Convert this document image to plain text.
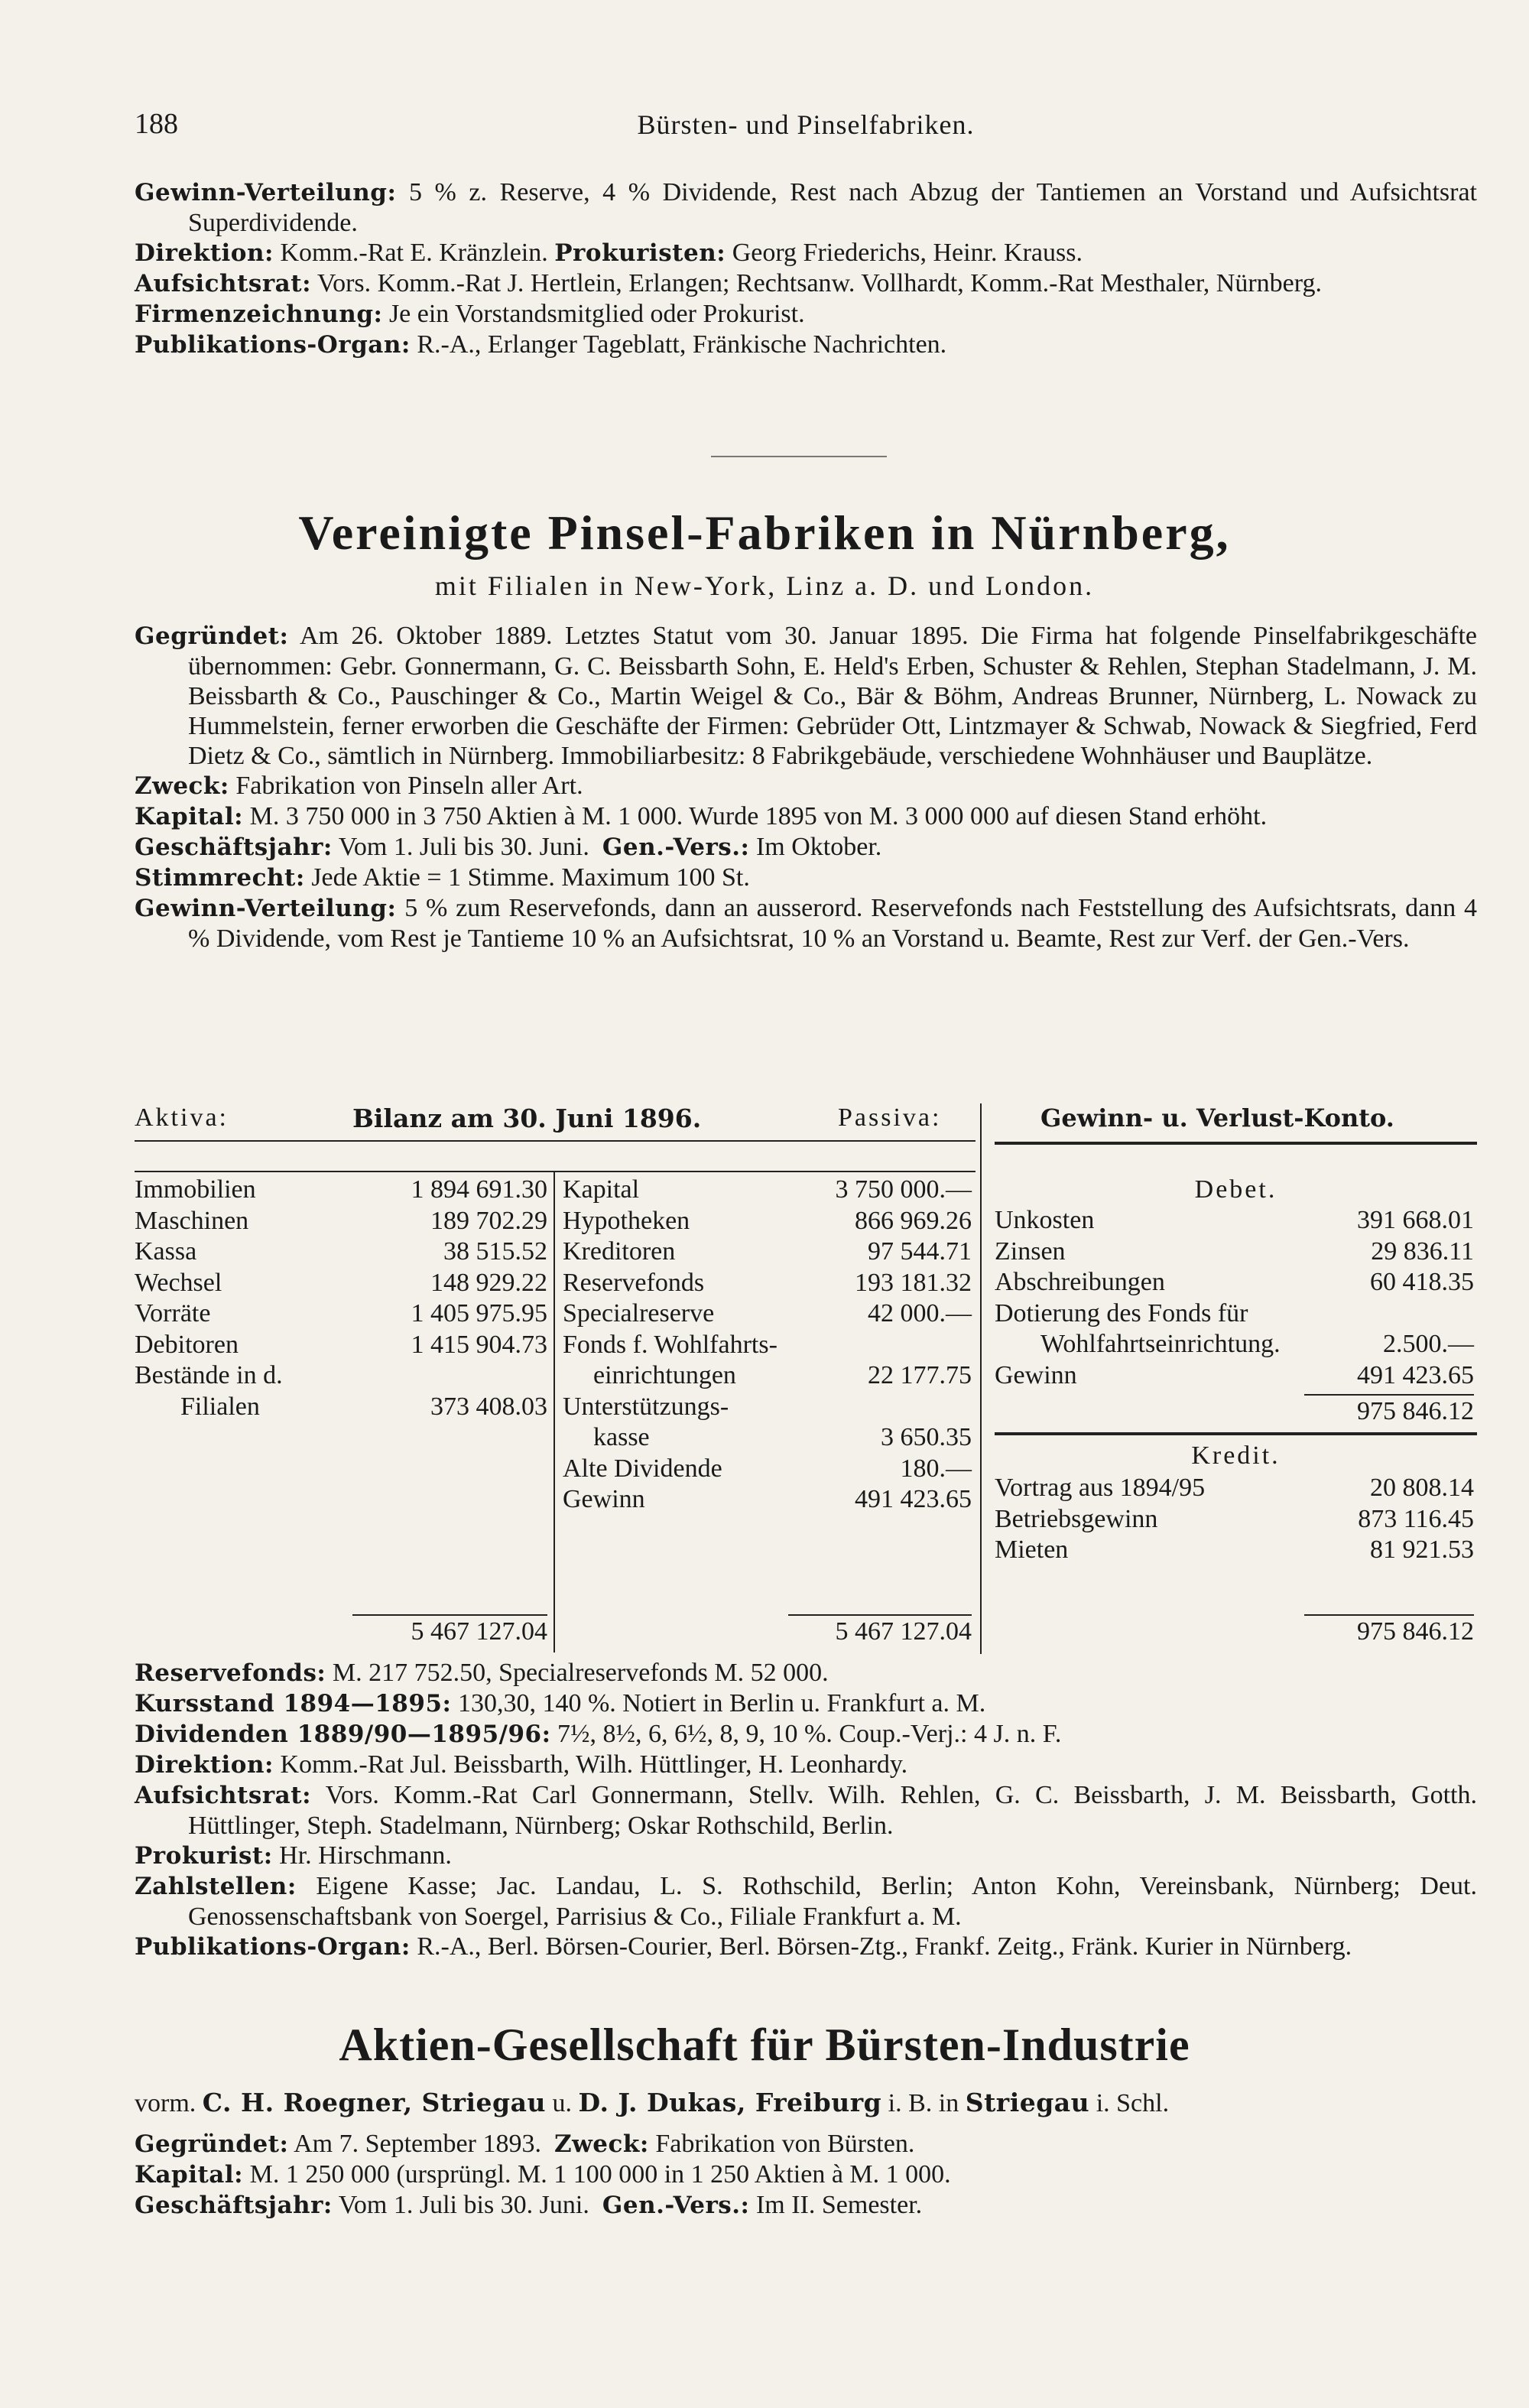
188	Bürsten- und Pinselfabriken.

Gewinn-Verteilung: 5 % z. Reserve, 4 % Dividende, Rest nach Abzug der Tantiemen an Vorstand und Aufsichtsrat Superdividende.

Direktion: Komm.-Rat E. Kränzlein. Prokuristen: Georg Friederichs, Heinr. Krauss.

Aufsichtsrat: Vors. Komm.-Rat J. Hertlein, Erlangen; Rechtsanw. Vollhardt, Komm.-Rat Mesthaler, Nürnberg.

Firmenzeichnung: Je ein Vorstandsmitglied oder Prokurist.

Publikations-Organ: R.-A., Erlanger Tageblatt, Fränkische Nachrichten.

Vereinigte Pinsel-Fabriken in Nürnberg,
mit Filialen in New-York, Linz a. D. und London.

Gegründet: Am 26. Oktober 1889. Letztes Statut vom 30. Januar 1895. Die Firma hat folgende Pinselfabrikgeschäfte übernommen: Gebr. Gonnermann, G. C. Beissbarth Sohn, E. Held's Erben, Schuster & Rehlen, Stephan Stadelmann, J. M. Beissbarth & Co., Pauschinger & Co., Martin Weigel & Co., Bär & Böhm, Andreas Brunner, Nürnberg, L. Nowack zu Hummelstein, ferner erworben die Geschäfte der Firmen: Gebrüder Ott, Lintzmayer & Schwab, Nowack & Siegfried, Ferd Dietz & Co., sämtlich in Nürnberg. Immobiliarbesitz: 8 Fabrikgebäude, verschiedene Wohnhäuser und Bauplätze.

Zweck: Fabrikation von Pinseln aller Art.

Kapital: M. 3 750 000 in 3 750 Aktien à M. 1 000. Wurde 1895 von M. 3 000 000 auf diesen Stand erhöht.

Geschäftsjahr: Vom 1. Juli bis 30. Juni. Gen.-Vers.: Im Oktober.

Stimmrecht: Jede Aktie = 1 Stimme. Maximum 100 St.

Gewinn-Verteilung: 5 % zum Reservefonds, dann an ausserord. Reservefonds nach Feststellung des Aufsichtsrats, dann 4 % Dividende, vom Rest je Tantieme 10 % an Aufsichtsrat, 10 % an Vorstand u. Beamte, Rest zur Verf. der Gen.-Vers.

Aktiva:	Bilanz am 30. Juni 1896.	Passiva:	Gewinn- u. Verlust-Konto.
Immobilien	1 894 691.30
Maschinen	189 702.29
Kassa	38 515.52
Wechsel	148 929.22
Vorräte	1 405 975.95
Debitoren	1 415 904.73
Bestände in d.
Filialen	373 408.03
Kapital	3 750 000.—
Hypotheken	866 969.26
Kreditoren	97 544.71
Reservefonds	193 181.32
Specialreserve	42 000.—
Fonds f. Wohlfahrts-
einrichtungen	22 177.75
Unterstützungs-
kasse	3 650.35
Alte Dividende	180.—
Gewinn	491 423.65
Debet.
Unkosten	391 668.01
Zinsen	29 836.11
Abschreibungen	60 418.35
Dotierung des Fonds für
Wohlfahrtseinrichtung.	2.500.—
Gewinn	491 423.65
975 846.12
Kredit.
Vortrag aus 1894/95	20 808.14
Betriebsgewinn	873 116.45
Mieten	81 921.53
975 846.12
5 467 127.04	5 467 127.04

Reservefonds: M. 217 752.50, Specialreservefonds M. 52 000.

Kursstand 1894—1895: 130,30, 140 %. Notiert in Berlin u. Frankfurt a. M.

Dividenden 1889/90—1895/96: 7½, 8½, 6, 6½, 8, 9, 10 %. Coup.-Verj.: 4 J. n. F.

Direktion: Komm.-Rat Jul. Beissbarth, Wilh. Hüttlinger, H. Leonhardy.

Aufsichtsrat: Vors. Komm.-Rat Carl Gonnermann, Stellv. Wilh. Rehlen, G. C. Beissbarth, J. M. Beissbarth, Gotth. Hüttlinger, Steph. Stadelmann, Nürnberg; Oskar Rothschild, Berlin.

Prokurist: Hr. Hirschmann.

Zahlstellen: Eigene Kasse; Jac. Landau, L. S. Rothschild, Berlin; Anton Kohn, Vereinsbank, Nürnberg; Deut. Genossenschaftsbank von Soergel, Parrisius & Co., Filiale Frankfurt a. M.

Publikations-Organ: R.-A., Berl. Börsen-Courier, Berl. Börsen-Ztg., Frankf. Zeitg., Fränk. Kurier in Nürnberg.

Aktien-Gesellschaft für Bürsten-Industrie
vorm. C. H. Roegner, Striegau u. D. J. Dukas, Freiburg i. B. in Striegau i. Schl.

Gegründet: Am 7. September 1893. Zweck: Fabrikation von Bürsten.

Kapital: M. 1 250 000 (ursprüngl. M. 1 100 000 in 1 250 Aktien à M. 1 000.

Geschäftsjahr: Vom 1. Juli bis 30. Juni. Gen.-Vers.: Im II. Semester.
